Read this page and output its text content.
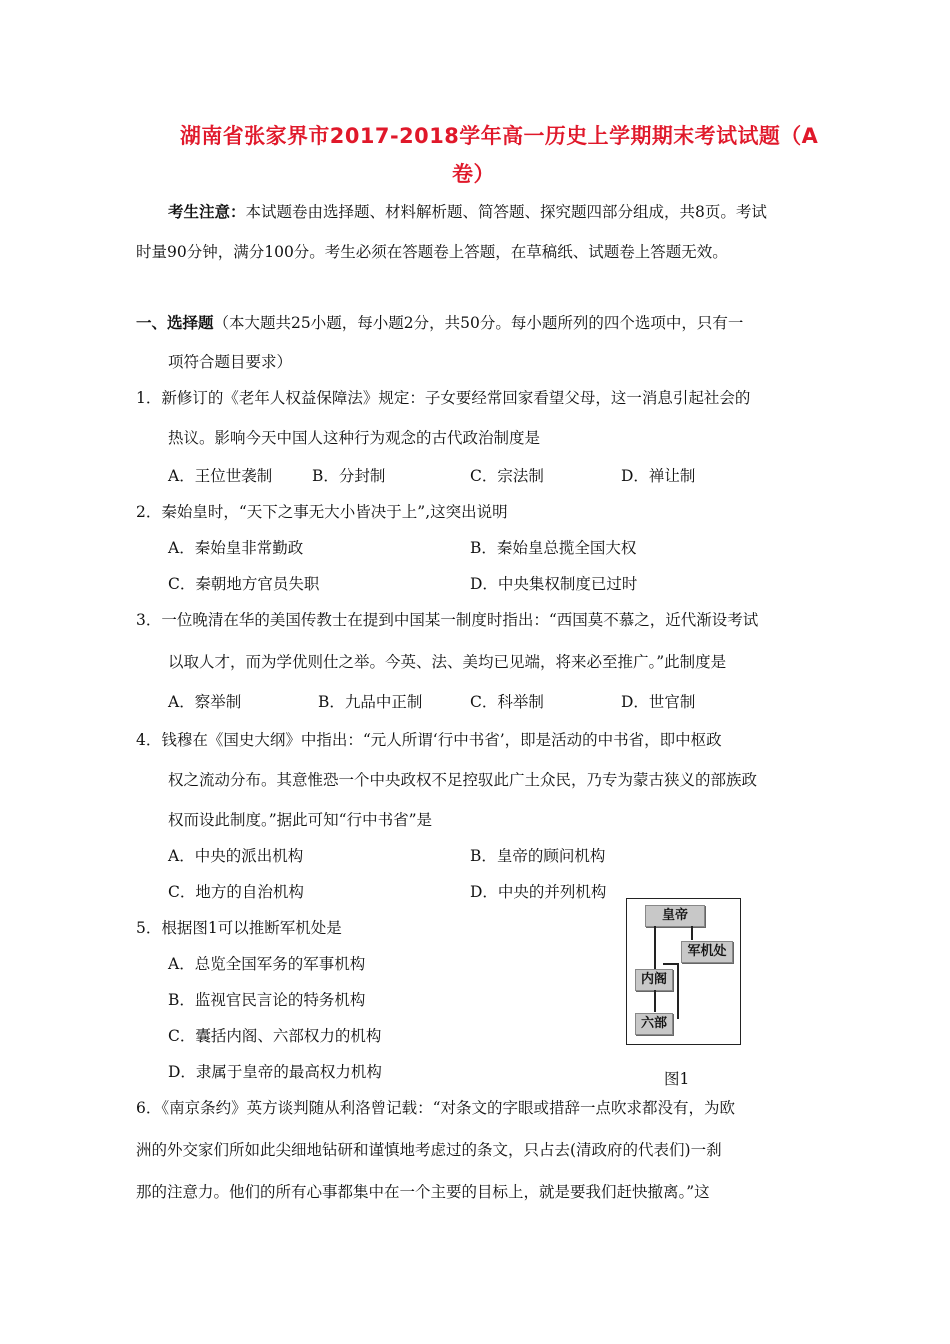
湖南省张家界市2017-2018学年高一历史上学期期末考试试题（A
卷）
考生注意：本试题卷由选择题、材料解析题、简答题、探究题四部分组成，共8页。考试
时量90分钟，满分100分。考生必须在答题卷上答题，在草稿纸、试题卷上答题无效。
一、选择题（本大题共25小题，每小题2分，共50分。每小题所列的四个选项中，只有一
项符合题目要求）
1．新修订的《老年人权益保障法》规定：子女要经常回家看望父母，这一消息引起社会的
热议。影响今天中国人这种行为观念的古代政治制度是
A．王位世袭制	B．分封制	C．宗法制	D．禅让制
2．秦始皇时，“天下之事无大小皆决于上”,这突出说明
A．秦始皇非常勤政	B．秦始皇总揽全国大权
C．秦朝地方官员失职	D．中央集权制度已过时
3．一位晚清在华的美国传教士在提到中国某一制度时指出：“西国莫不慕之，近代渐设考试
以取人才，而为学优则仕之举。今英、法、美均已见端，将来必至推广。”此制度是
A．察举制	B．九品中正制	C．科举制	D．世官制
4．钱穆在《国史大纲》中指出：“元人所谓‘行中书省’，即是活动的中书省，即中枢政
权之流动分布。其意惟恐一个中央政权不足控驭此广土众民，乃专为蒙古狭义的部族政
权而设此制度。”据此可知“行中书省”是
A．中央的派出机构	B．皇帝的顾问机构
C．地方的自治机构	D．中央的并列机构
5．根据图1可以推断军机处是
A．总览全国军务的军事机构
B．监视官民言论的特务机构
C．囊括内阁、六部权力的机构
D．隶属于皇帝的最高权力机构
皇帝
军机处
内阁
六部
图1
6．《南京条约》英方谈判随从利洛曾记载：“对条文的字眼或措辞一点吹求都没有，为欧
洲的外交家们所如此尖细地钻研和谨慎地考虑过的条文，只占去(清政府的代表们)一刹
那的注意力。他们的所有心事都集中在一个主要的目标上，就是要我们赶快撤离。”这
